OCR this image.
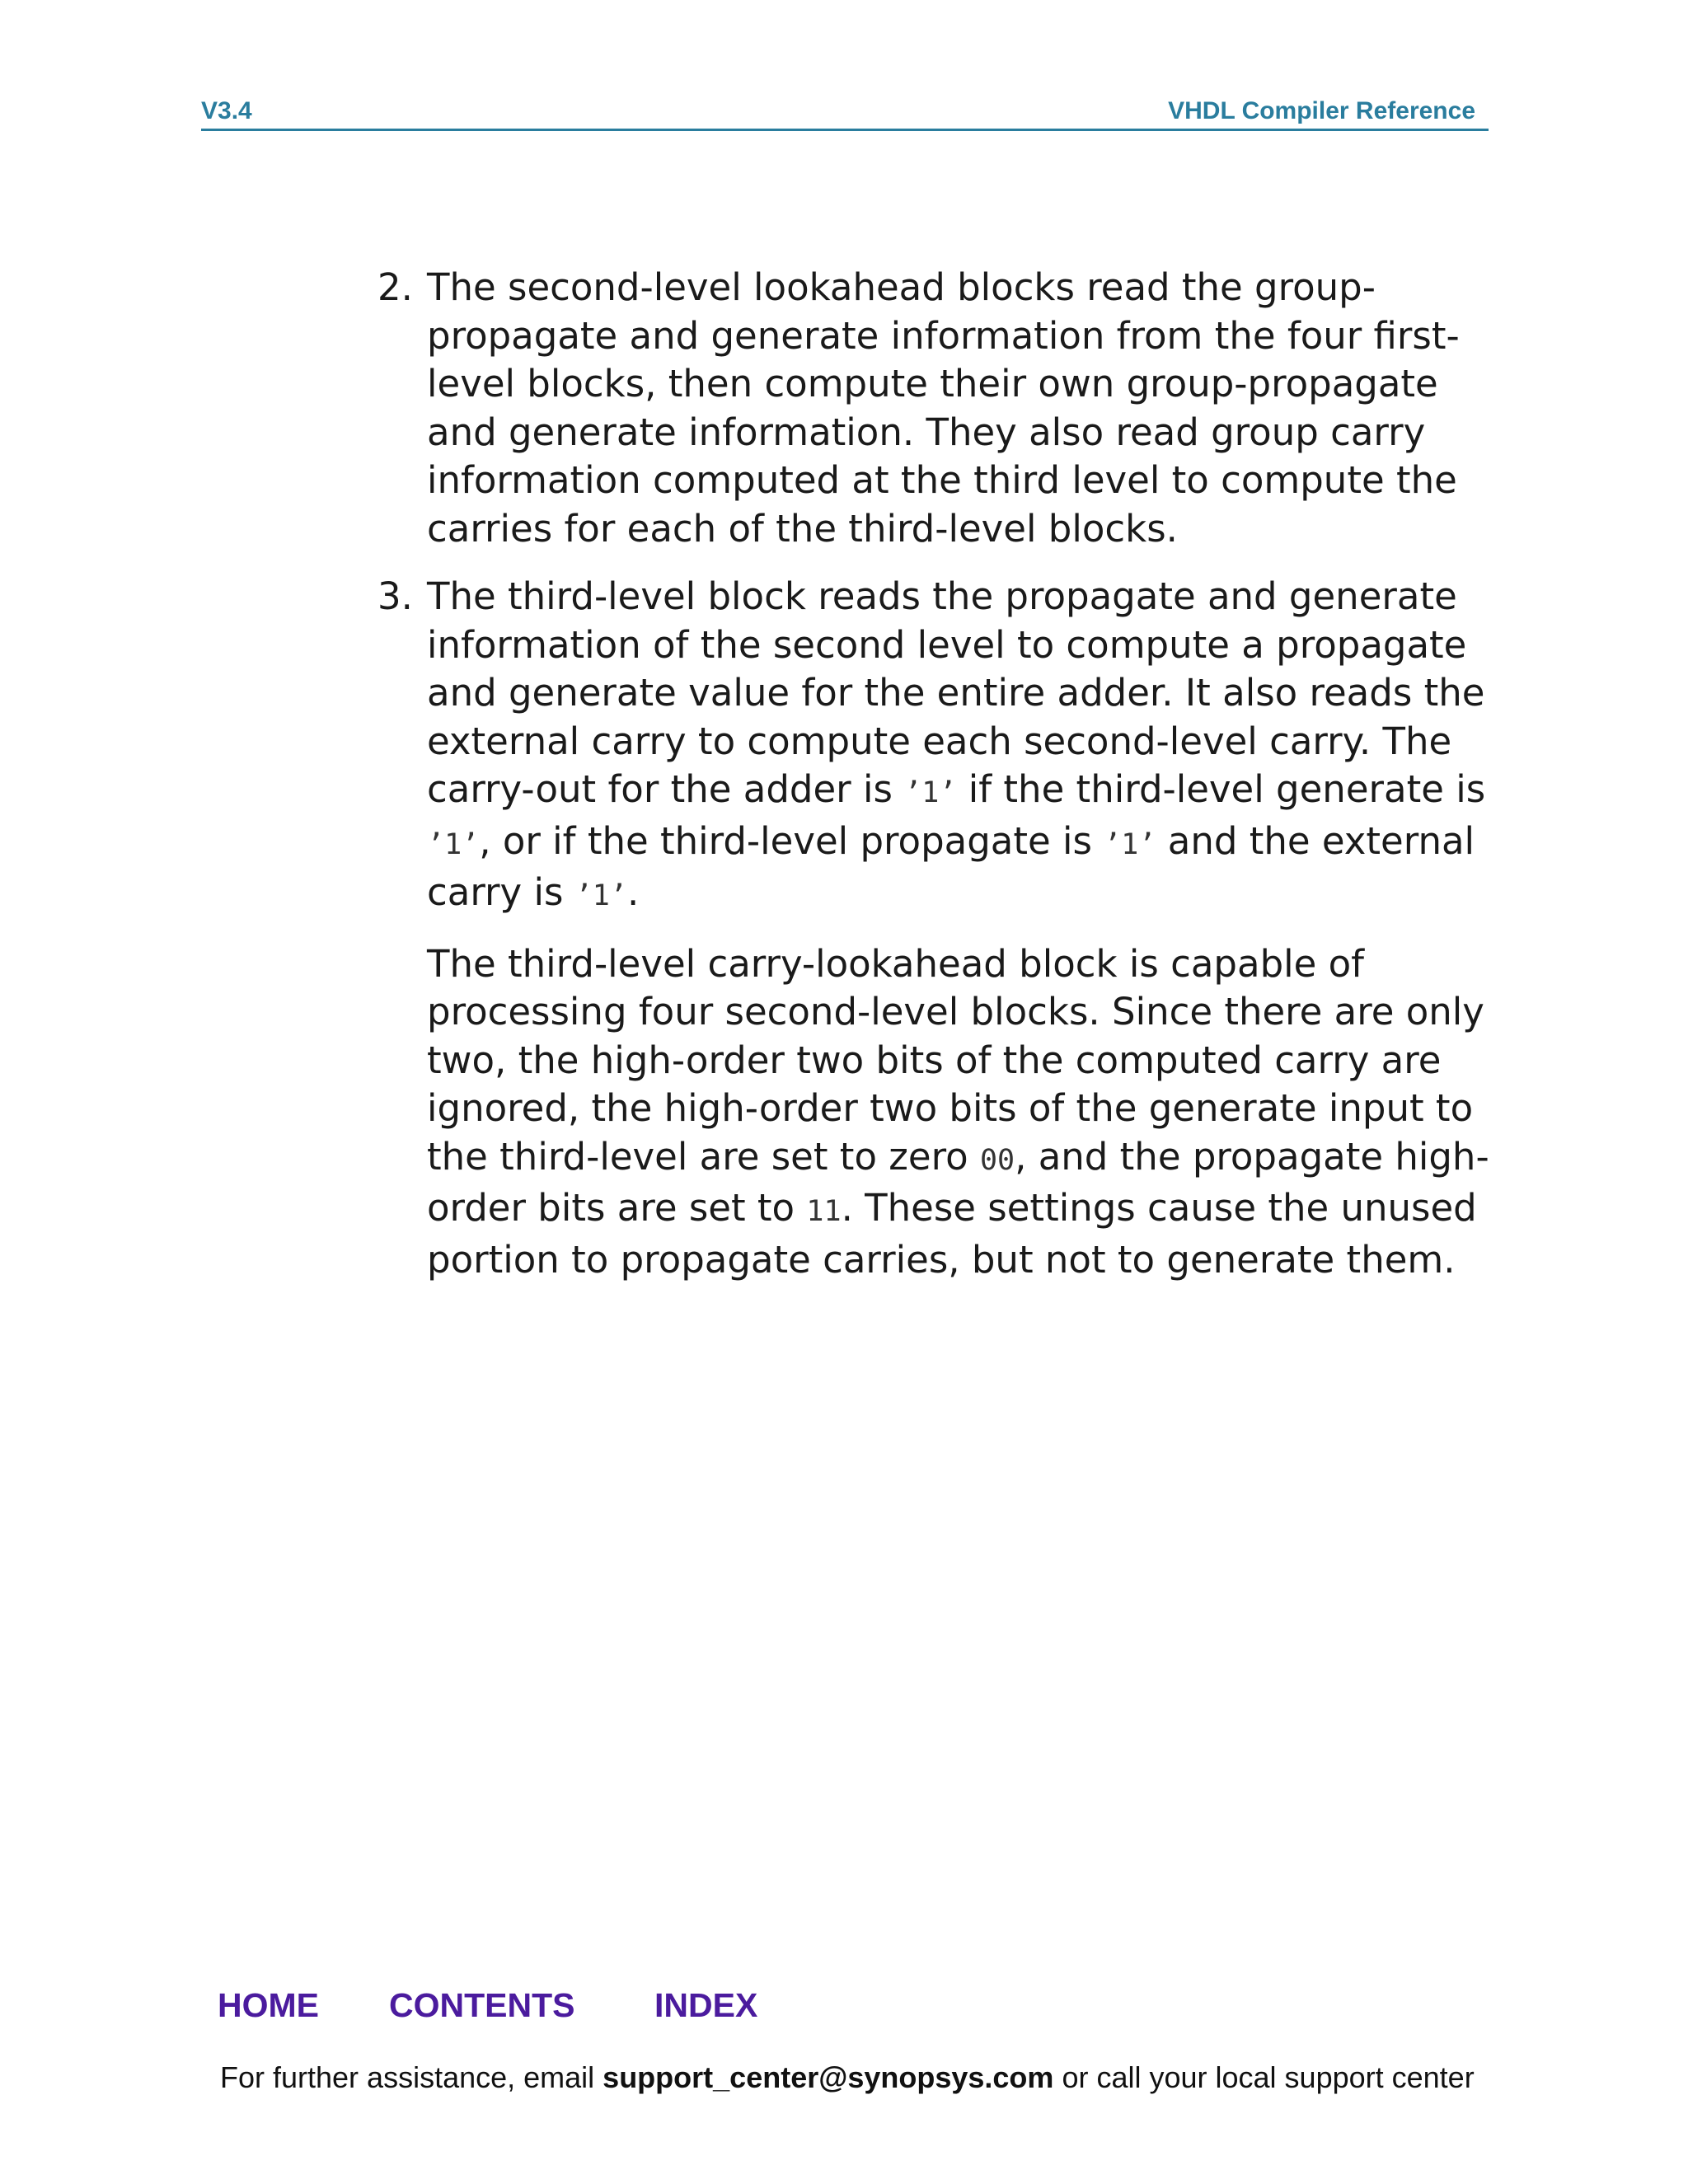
V3.4	VHDL Compiler Reference
2. The second-level lookahead blocks read the group-propagate and generate information from the four first-level blocks, then compute their own group-propagate and generate information. They also read group carry information computed at the third level to compute the carries for each of the third-level blocks.

3. The third-level block reads the propagate and generate information of the second level to compute a propagate and generate value for the entire adder. It also reads the external carry to compute each second-level carry. The carry-out for the adder is ’1’ if the third-level generate is ’1’, or if the third-level propagate is ’1’ and the external carry is ’1’.

The third-level carry-lookahead block is capable of processing four second-level blocks. Since there are only two, the high-order two bits of the computed carry are ignored, the high-order two bits of the generate input to the third-level are set to zero 00, and the propagate high-order bits are set to 11. These settings cause the unused portion to propagate carries, but not to generate them.

HOME CONTENTS INDEX
For further assistance, email support_center@synopsys.com or call your local support center
